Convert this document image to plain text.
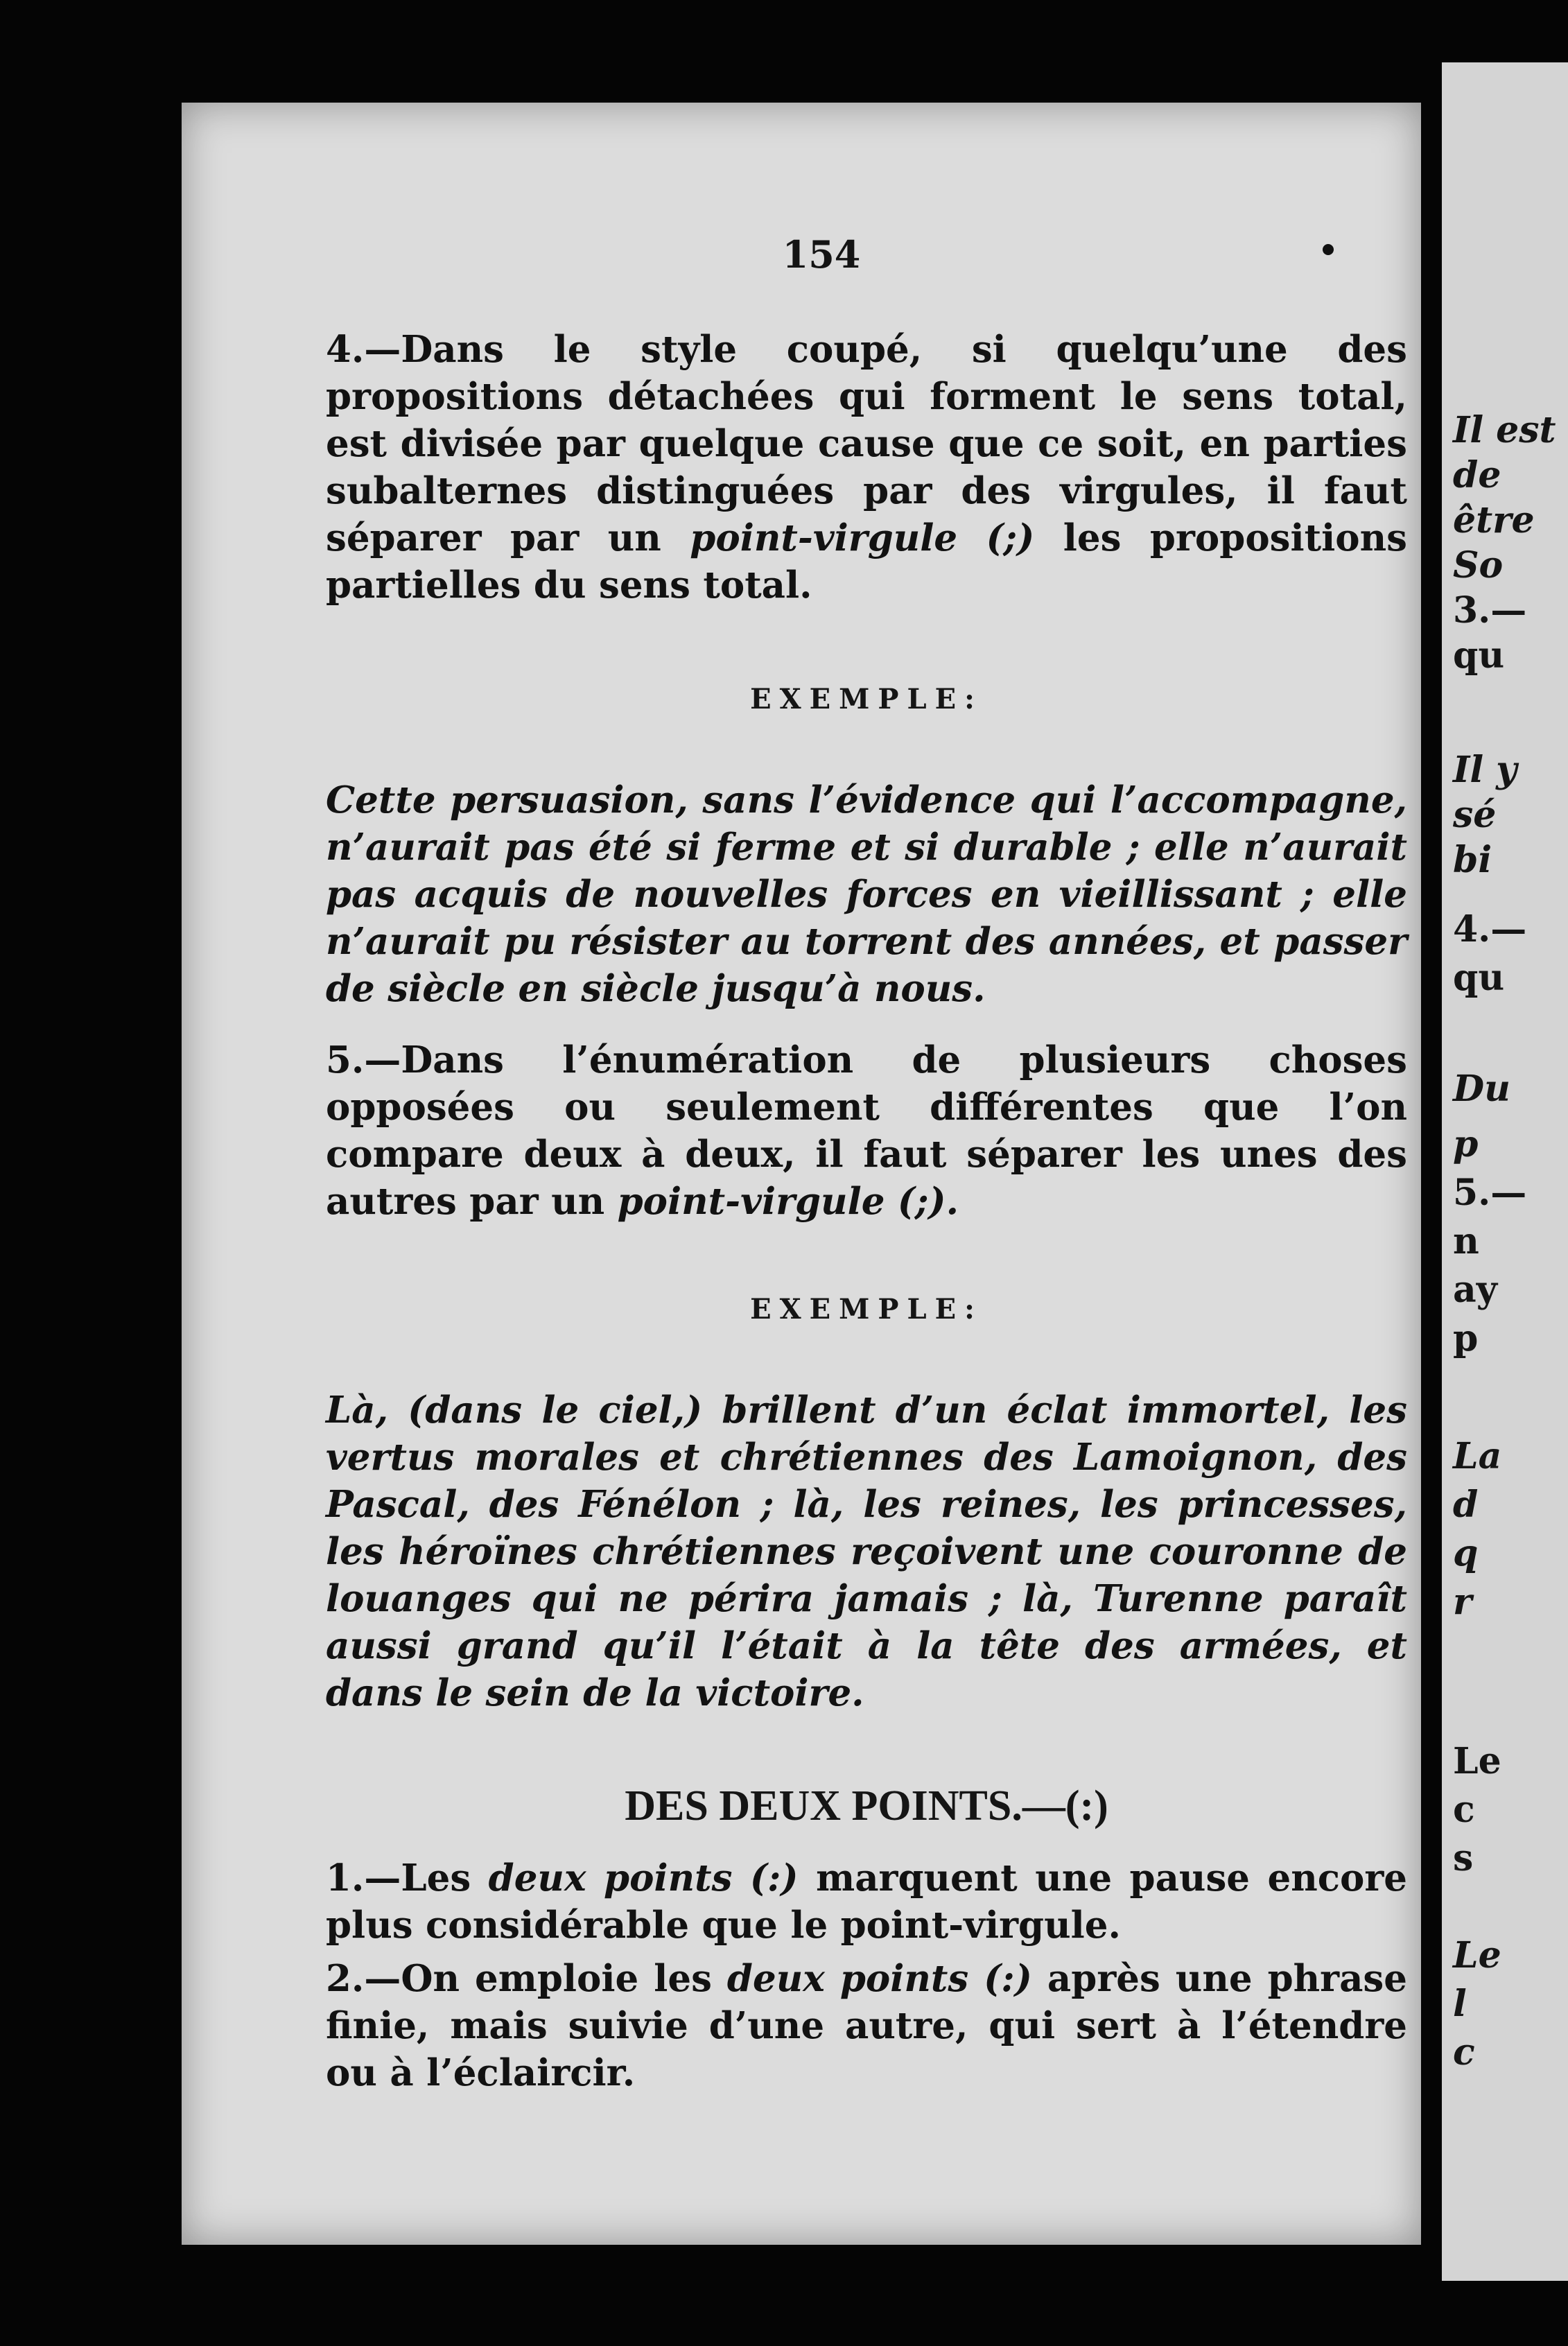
154
4.—Dans le style coupé, si quelqu’une des propositions détachées qui forment le sens total, est divisée par quelque cause que ce soit, en parties subalternes distinguées par des virgules, il faut séparer par un point-virgule (;) les propositions partielles du sens total.
EXEMPLE:
Cette persuasion, sans l’évidence qui l’accompagne, n’aurait pas été si ferme et si durable ; elle n’aurait pas acquis de nouvelles forces en vieillissant ; elle n’aurait pu résister au torrent des années, et passer de siècle en siècle jusqu’à nous.
5.—Dans l’énumération de plusieurs choses opposées ou seulement différentes que l’on compare deux à deux, il faut séparer les unes des autres par un point-virgule (;).
EXEMPLE:
Là, (dans le ciel,) brillent d’un éclat immortel, les vertus morales et chrétiennes des Lamoignon, des Pascal, des Fénélon ; là, les reines, les princesses, les héroïnes chrétiennes reçoivent une couronne de louanges qui ne périra jamais ; là, Turenne paraît aussi grand qu’il l’était à la tête des armées, et dans le sein de la victoire.
DES DEUX POINTS.—(:)
1.—Les deux points (:) marquent une pause encore plus considérable que le point-virgule.
2.—On emploie les deux points (:) après une phrase finie, mais suivie d’une autre, qui sert à l’étendre ou à l’éclaircir.
Il est
de
être
So
3.—
qu
Il y
sé
bi
4.—
qu
Du
p
5.—
n
ay
p
La
d
q
r
Le
c
s
Le
l
c
